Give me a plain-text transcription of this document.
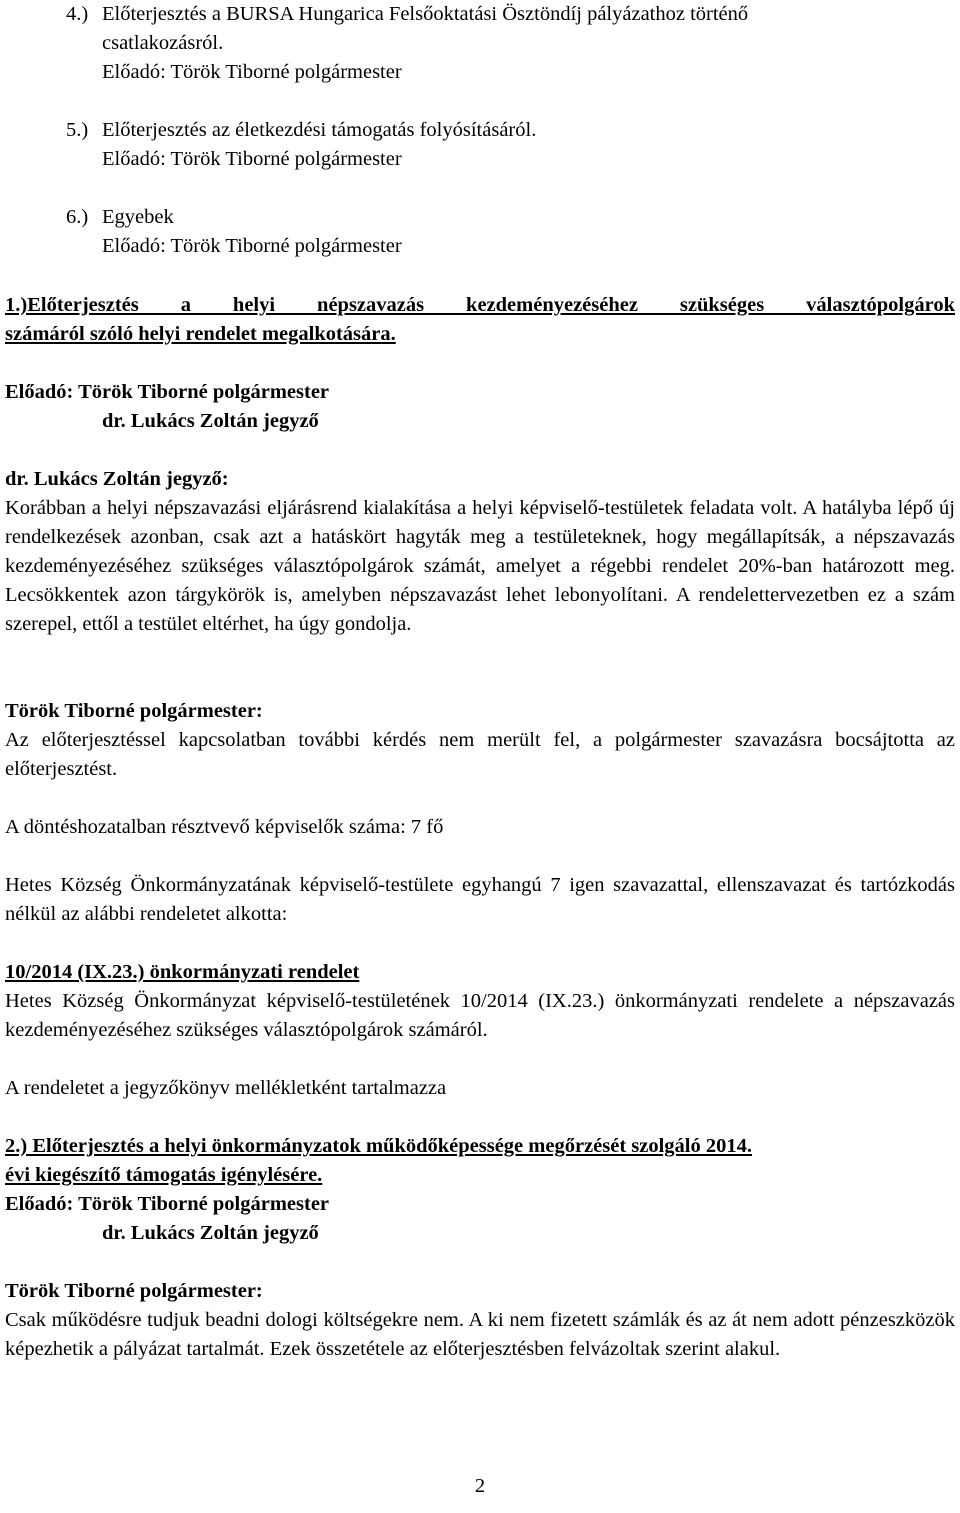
4.) Előterjesztés a BURSA Hungarica Felsőoktatási Ösztöndíj pályázathoz történő
csatlakozásról.
Előadó: Török Tiborné polgármester
5.) Előterjesztés az életkezdési támogatás folyósításáról.
Előadó: Török Tiborné polgármester
6.) Egyebek
Előadó: Török Tiborné polgármester
1.)Előterjesztés a helyi népszavazás kezdeményezéséhez szükséges választópolgárok
számáról szóló helyi rendelet megalkotására.
Előadó: Török Tiborné polgármester
dr. Lukács Zoltán jegyző
dr. Lukács Zoltán jegyző:

Korábban a helyi népszavazási eljárásrend kialakítása a helyi képviselő-testületek feladata volt. A hatályba lépő új rendelkezések azonban, csak azt a hatáskört hagyták meg a testületeknek, hogy megállapítsák, a népszavazás kezdeményezéséhez szükséges választópolgárok számát, amelyet a régebbi rendelet 20%-ban határozott meg. Lecsökkentek azon tárgykörök is, amelyben népszavazást lehet lebonyolítani. A rendelettervezetben ez a szám szerepel, ettől a testület eltérhet, ha úgy gondolja.

Török Tiborné polgármester:

Az előterjesztéssel kapcsolatban további kérdés nem merült fel, a polgármester szavazásra bocsájtotta az előterjesztést.

A döntéshozatalban résztvevő képviselők száma: 7 fő

Hetes Község Önkormányzatának képviselő-testülete egyhangú 7 igen szavazattal, ellenszavazat és tartózkodás nélkül az alábbi rendeletet alkotta:

10/2014 (IX.23.) önkormányzati rendelet

Hetes Község Önkormányzat képviselő-testületének 10/2014 (IX.23.) önkormányzati rendelete a népszavazás kezdeményezéséhez szükséges választópolgárok számáról.

A rendeletet a jegyzőkönyv mellékletként tartalmazza
2.) Előterjesztés a helyi önkormányzatok működőképessége megőrzését szolgáló 2014.
évi kiegészítő támogatás igénylésére.
Előadó: Török Tiborné polgármester
dr. Lukács Zoltán jegyző
Török Tiborné polgármester:

Csak működésre tudjuk beadni dologi költségekre nem. A ki nem fizetett számlák és az át nem adott pénzeszközök képezhetik a pályázat tartalmát. Ezek összetétele az előterjesztésben felvázoltak szerint alakul.

2
